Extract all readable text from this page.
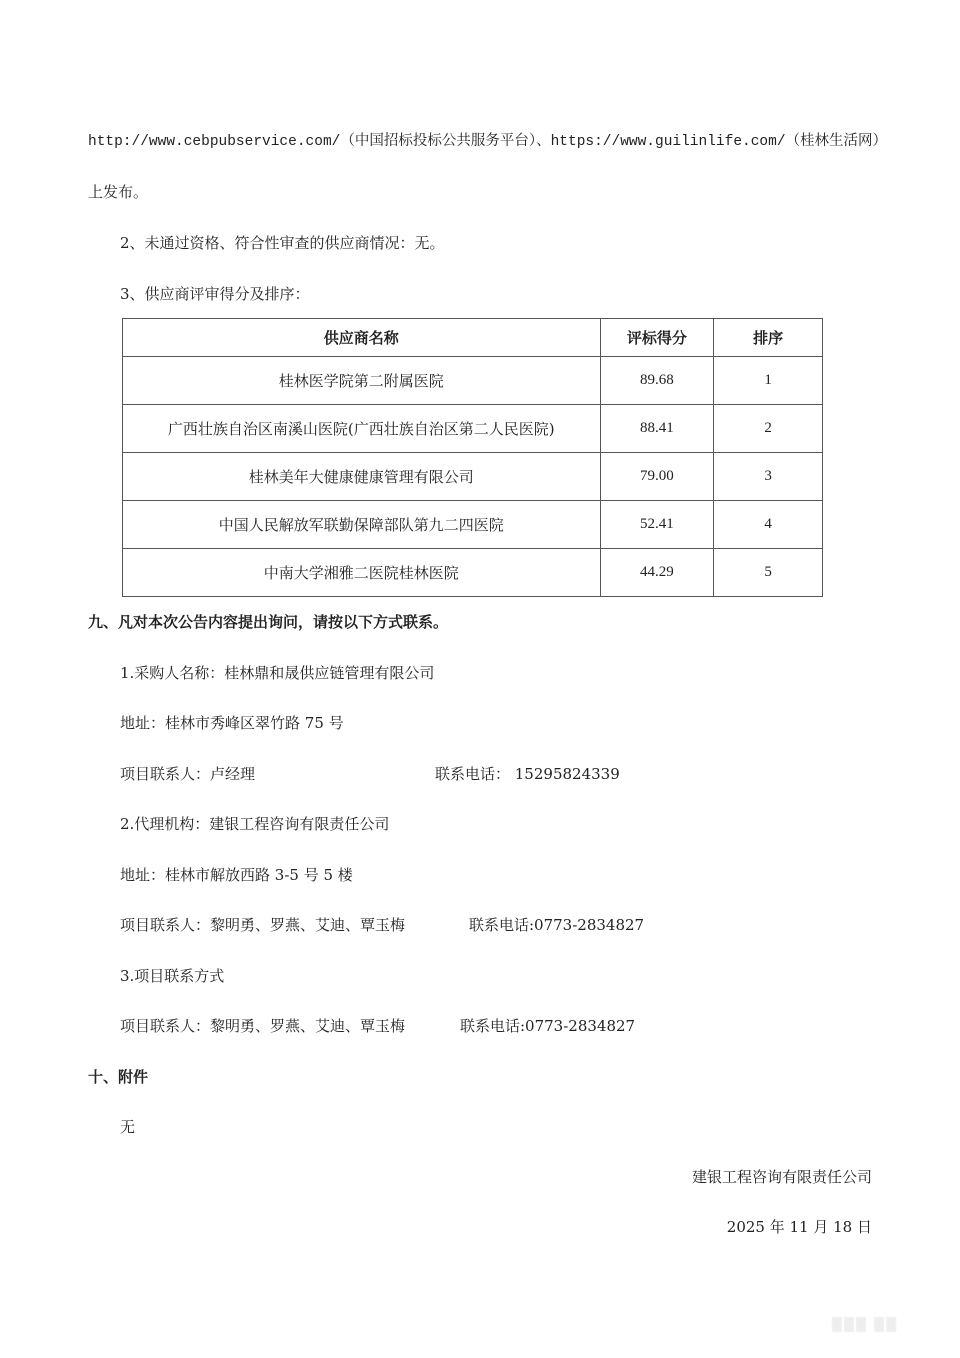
http://www.cebpubservice.com/（中国招标投标公共服务平台）、https://www.guilinlife.com/（桂林生活网）
上发布。
2、未通过资格、符合性审查的供应商情况：无。
3、供应商评审得分及排序：
供应商名称	评标得分	排序
桂林医学院第二附属医院	89.68	1
广西壮族自治区南溪山医院(广西壮族自治区第二人民医院)	88.41	2
桂林美年大健康健康管理有限公司	79.00	3
中国人民解放军联勤保障部队第九二四医院	52.41	4
中南大学湘雅二医院桂林医院	44.29	5
九、凡对本次公告内容提出询问，请按以下方式联系。
1.采购人名称：桂林鼎和晟供应链管理有限公司
地址：桂林市秀峰区翠竹路 75 号
项目联系人：卢经理	联系电话： 15295824339
2.代理机构：建银工程咨询有限责任公司
地址：桂林市解放西路 3-5 号 5 楼
项目联系人：黎明勇、罗燕、艾迪、覃玉梅	联系电话:0773-2834827
3.项目联系方式
项目联系人：黎明勇、罗燕、艾迪、覃玉梅	联系电话:0773-2834827
十、附件
无
建银工程咨询有限责任公司
2025 年 11 月 18 日
▒▒▒ ▒▒
